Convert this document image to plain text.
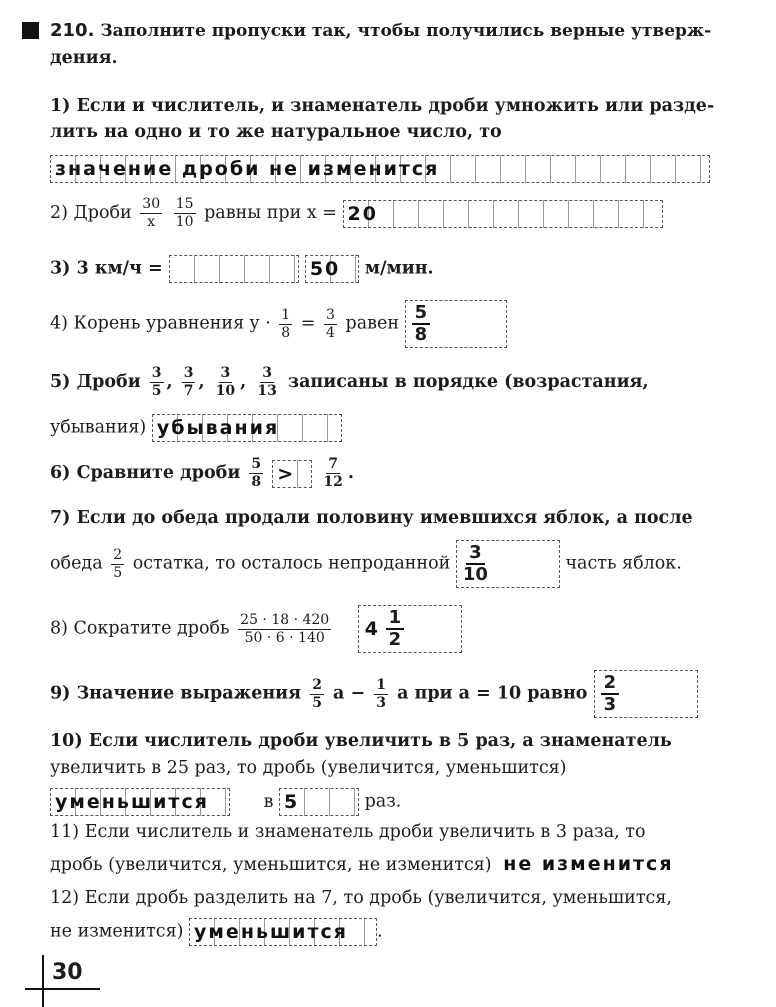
210. Заполните пропуски так, чтобы получились верные утверж-
дения.
1) Если и числитель, и знаменатель дроби умножить или разде-
лить на одно и то же натуральное число, то
значение дроби не изменится
2) Дроби $\frac{30}{x}$
$\frac{15}{10}$ равны при x = 20
3) 3 км/ч =	50 м/мин.
4) Корень уравнения $y \cdot \frac{1}{8} = \frac{3}{4}$ равен $\frac{5}{8}$
5) Дроби $\frac{3}{5}$ , $\frac{3}{7}$ , $\frac{3}{10}$ , $\frac{3}{13}$ записаны в порядке (возрастания,
убывания) убывания
6) Сравните дроби $\frac{5}{8} > \frac{7}{12}$ .
7) Если до обеда продали половину имевшихся яблок, а после
обеда $\frac{2}{5}$ остатка, то осталось непроданной $\frac{3}{10}$	часть яблок.
8) Сократите дробь $\frac{25 \cdot 18 \cdot 420}{50 \cdot 6 \cdot 140} 4 \frac{1}{2}$
9) Значение выражения $\frac{2}{5}$ $a - \frac{1}{3}$ a при a = 10 равно $\frac{2}{3}$
10) Если числитель дроби увеличить в 5 раз, а знаменатель
увеличить в 25 раз, то дробь (увеличится, уменьшится)
уменьшится	в 5	раз.
11) Если числитель и знаменатель дроби увеличить в 3 раза, то
дробь (увеличится, уменьшится, не изменится) не изменится
12) Если дробь разделить на 7, то дробь (увеличится, уменьшится,
не изменится) уменьшится .
30
